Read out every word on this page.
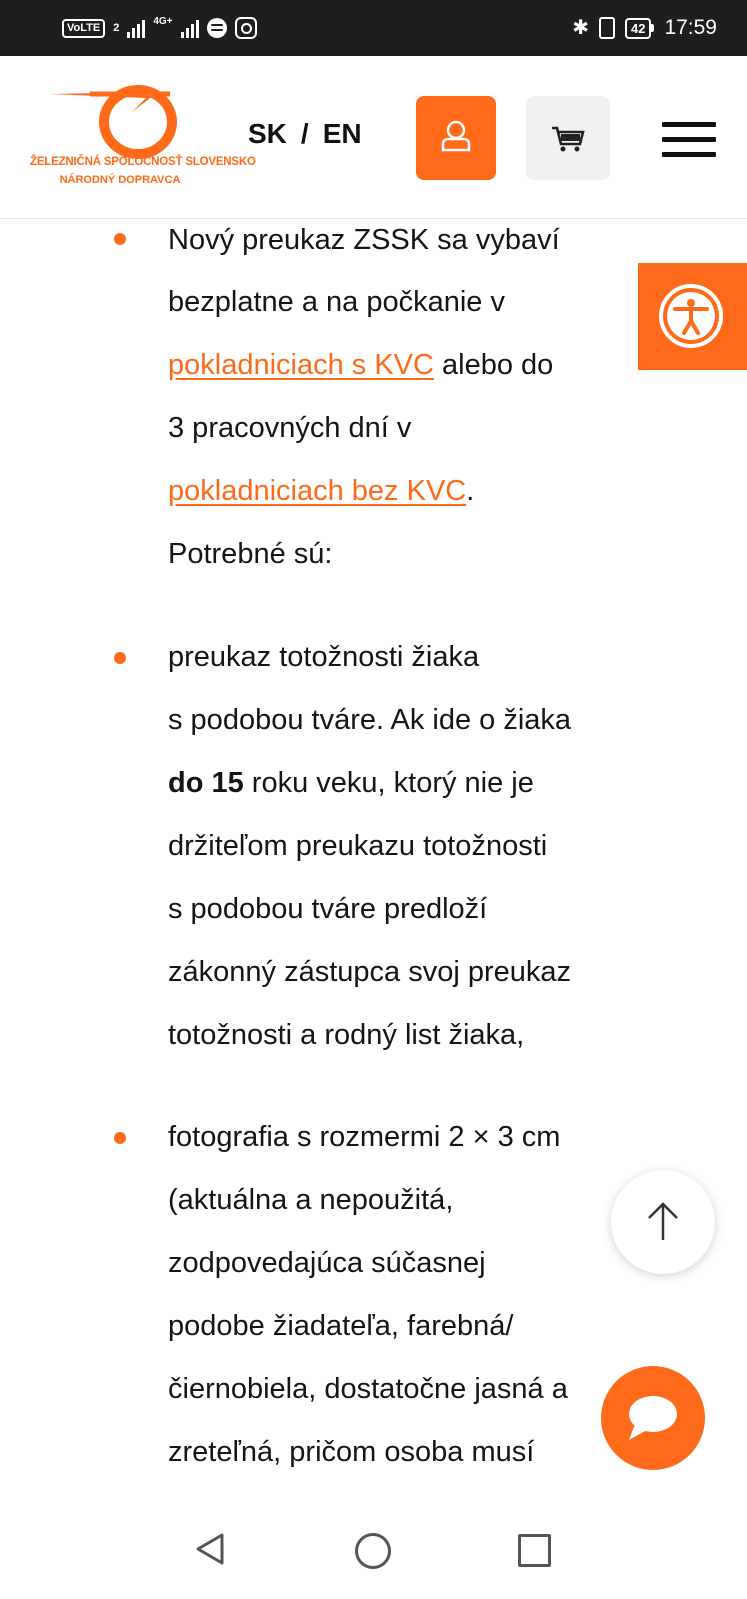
VoLTE	2
4G+	✱	42 17:59
ŽELEZNIČNÁ SPOLOČNOSŤ SLOVENSKO
NÁRODNÝ DOPRAVCA
SK / EN
Nový preukaz ZSSK sa vybaví
bezplatne a na počkanie v
pokladniciach s KVC alebo do
3 pracovných dní v
pokladniciach bez KVC.
Potrebné sú:
preukaz totožnosti žiaka
s podobou tváre. Ak ide o žiaka
do 15 roku veku, ktorý nie je
držiteľom preukazu totožnosti
s podobou tváre predloží
zákonný zástupca svoj preukaz
totožnosti a rodný list žiaka,
fotografia s rozmermi 2 × 3 cm
(aktuálna a nepoužitá,
zodpovedajúca súčasnej
podobe žiadateľa, farebná/
čiernobiela, dostatočne jasná a
zreteľná, pričom osoba musí
